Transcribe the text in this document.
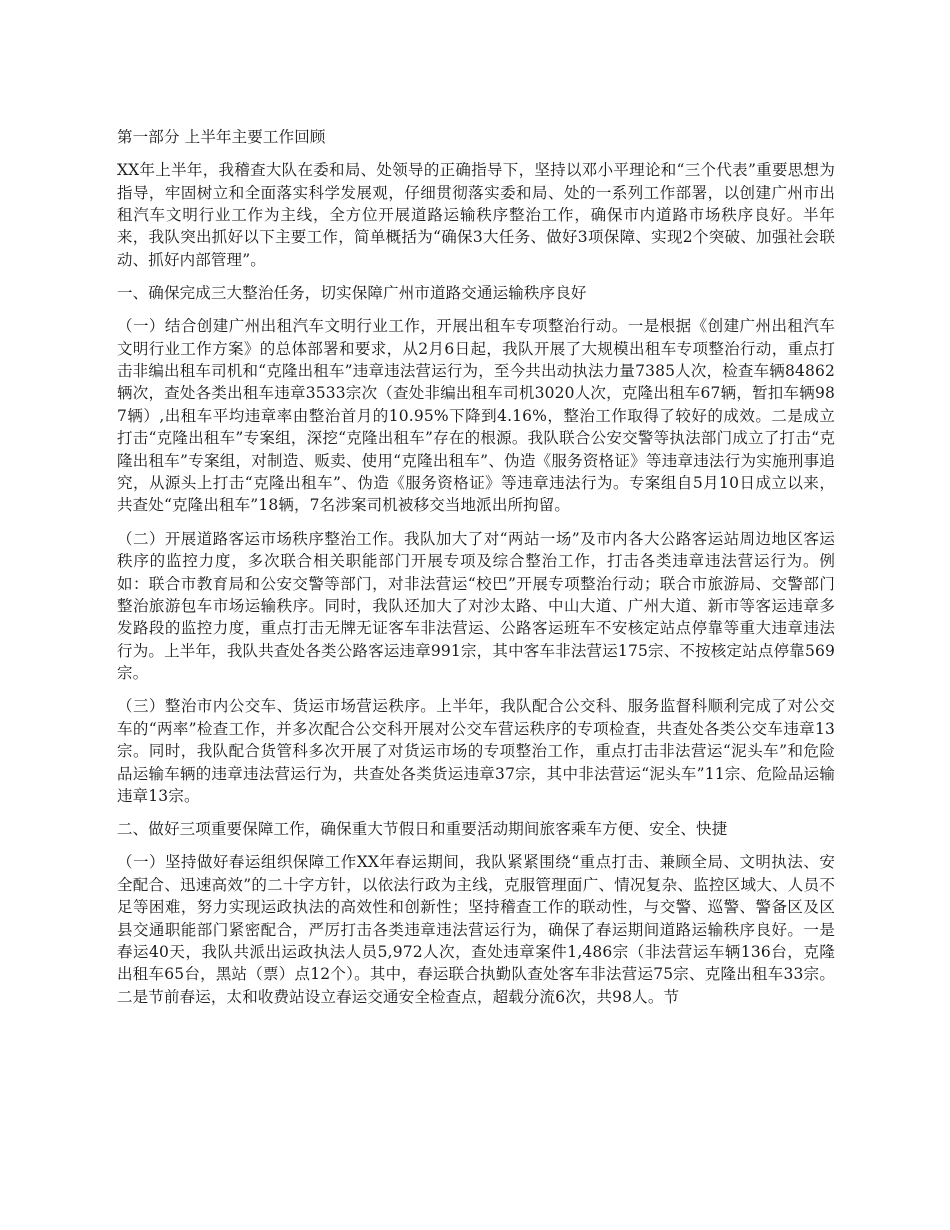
第一部分 上半年主要工作回顾

XX年上半年，我稽查大队在委和局、处领导的正确指导下，坚持以邓小平理论和“三个代表”重要思想为指导，牢固树立和全面落实科学发展观，仔细贯彻落实委和局、处的一系列工作部署，以创建广州市出租汽车文明行业工作为主线，全方位开展道路运输秩序整治工作，确保市内道路市场秩序良好。半年来，我队突出抓好以下主要工作，简单概括为“确保3大任务、做好3项保障、实现2个突破、加强社会联动、抓好内部管理”。

一、确保完成三大整治任务，切实保障广州市道路交通运输秩序良好

（一）结合创建广州出租汽车文明行业工作，开展出租车专项整治行动。一是根据《创建广州出租汽车文明行业工作方案》的总体部署和要求，从2月6日起，我队开展了大规模出租车专项整治行动，重点打击非编出租车司机和“克隆出租车”违章违法营运行为，至今共出动执法力量7385人次，检查车辆84862辆次，查处各类出租车违章3533宗次（查处非编出租车司机3020人次，克隆出租车67辆，暂扣车辆987辆）,出租车平均违章率由整治首月的10.95%下降到4.16%，整治工作取得了较好的成效。二是成立打击“克隆出租车”专案组，深挖“克隆出租车”存在的根源。我队联合公安交警等执法部门成立了打击“克隆出租车”专案组，对制造、贩卖、使用“克隆出租车”、伪造《服务资格证》等违章违法行为实施刑事追究，从源头上打击“克隆出租车”、伪造《服务资格证》等违章违法行为。专案组自5月10日成立以来，共查处“克隆出租车”18辆，7名涉案司机被移交当地派出所拘留。

（二）开展道路客运市场秩序整治工作。我队加大了对“两站一场”及市内各大公路客运站周边地区客运秩序的监控力度，多次联合相关职能部门开展专项及综合整治工作，打击各类违章违法营运行为。例如：联合市教育局和公安交警等部门，对非法营运“校巴”开展专项整治行动；联合市旅游局、交警部门整治旅游包车市场运输秩序。同时，我队还加大了对沙太路、中山大道、广州大道、新市等客运违章多发路段的监控力度，重点打击无牌无证客车非法营运、公路客运班车不安核定站点停靠等重大违章违法行为。上半年，我队共查处各类公路客运违章991宗，其中客车非法营运175宗、不按核定站点停靠569宗。

（三）整治市内公交车、货运市场营运秩序。上半年，我队配合公交科、服务监督科顺利完成了对公交车的“两率”检查工作，并多次配合公交科开展对公交车营运秩序的专项检查，共查处各类公交车违章13宗。同时，我队配合货管科多次开展了对货运市场的专项整治工作，重点打击非法营运“泥头车”和危险品运输车辆的违章违法营运行为，共查处各类货运违章37宗，其中非法营运“泥头车”11宗、危险品运输违章13宗。

二、做好三项重要保障工作，确保重大节假日和重要活动期间旅客乘车方便、安全、快捷

（一）坚持做好春运组织保障工作XX年春运期间，我队紧紧围绕“重点打击、兼顾全局、文明执法、安全配合、迅速高效”的二十字方针，以依法行政为主线，克服管理面广、情况复杂、监控区域大、人员不足等困难，努力实现运政执法的高效性和创新性；坚持稽查工作的联动性，与交警、巡警、警备区及区县交通职能部门紧密配合，严厉打击各类违章违法营运行为，确保了春运期间道路运输秩序良好。一是春运40天，我队共派出运政执法人员5,972人次，查处违章案件1,486宗（非法营运车辆136台，克隆出租车65台，黑站（票）点12个）。其中，春运联合执勤队查处客车非法营运75宗、克隆出租车33宗。二是节前春运，太和收费站设立春运交通安全检查点，超载分流6次，共98人。节
